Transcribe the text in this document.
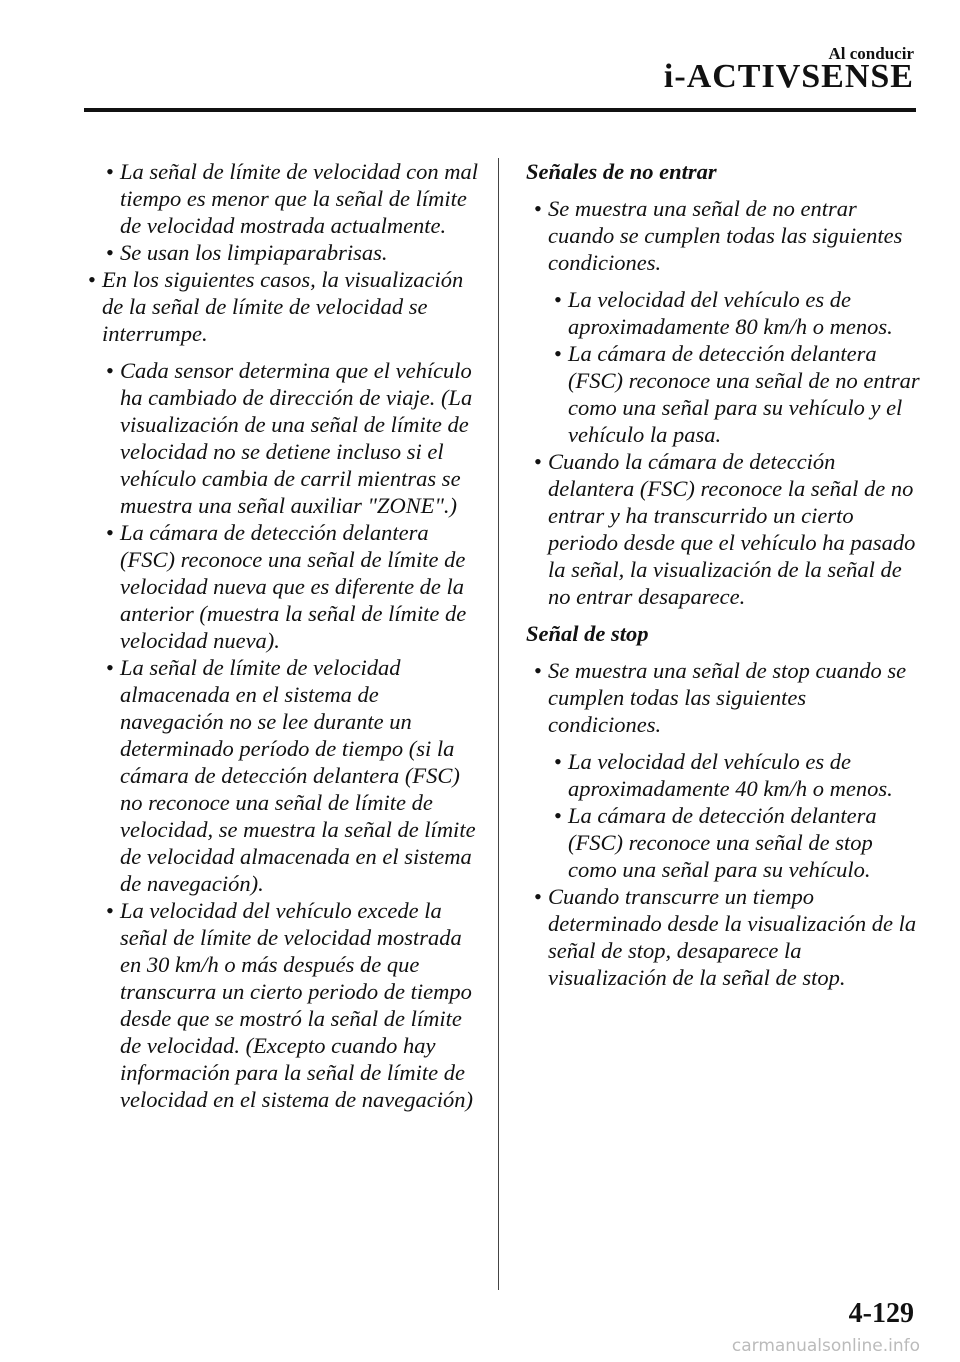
Al conducir
i-ACTIVSENSE
• La señal de límite de velocidad con mal tiempo es menor que la señal de límite de velocidad mostrada actualmente.
• Se usan los limpiaparabrisas.
• En los siguientes casos, la visualización de la señal de límite de velocidad se interrumpe.
• Cada sensor determina que el vehículo ha cambiado de dirección de viaje. (La visualización de una señal de límite de velocidad no se detiene incluso si el vehículo cambia de carril mientras se muestra una señal auxiliar "ZONE".)
• La cámara de detección delantera (FSC) reconoce una señal de límite de velocidad nueva que es diferente de la anterior (muestra la señal de límite de velocidad nueva).
• La señal de límite de velocidad almacenada en el sistema de navegación no se lee durante un determinado período de tiempo (si la cámara de detección delantera (FSC) no reconoce una señal de límite de velocidad, se muestra la señal de límite de velocidad almacenada en el sistema de navegación).
• La velocidad del vehículo excede la señal de límite de velocidad mostrada en 30 km/h o más después de que transcurra un cierto periodo de tiempo desde que se mostró la señal de límite de velocidad. (Excepto cuando hay información para la señal de límite de velocidad en el sistema de navegación)
Señales de no entrar
• Se muestra una señal de no entrar cuando se cumplen todas las siguientes condiciones.
• La velocidad del vehículo es de aproximadamente 80 km/h o menos.
• La cámara de detección delantera (FSC) reconoce una señal de no entrar como una señal para su vehículo y el vehículo la pasa.
• Cuando la cámara de detección delantera (FSC) reconoce la señal de no entrar y ha transcurrido un cierto periodo desde que el vehículo ha pasado la señal, la visualización de la señal de no entrar desaparece.
Señal de stop
• Se muestra una señal de stop cuando se cumplen todas las siguientes condiciones.
• La velocidad del vehículo es de aproximadamente 40 km/h o menos.
• La cámara de detección delantera (FSC) reconoce una señal de stop como una señal para su vehículo.
• Cuando transcurre un tiempo determinado desde la visualización de la señal de stop, desaparece la visualización de la señal de stop.
4-129
carmanualsonline.info
